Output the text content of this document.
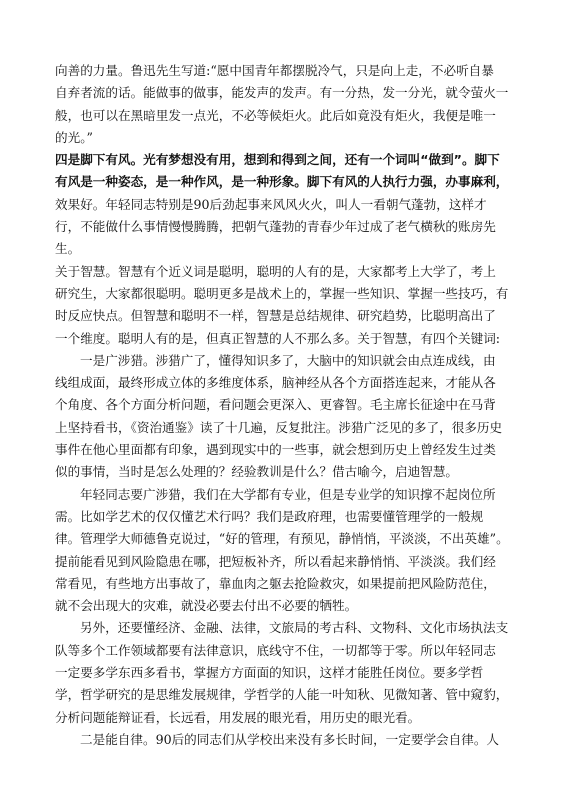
向善的力量。鲁迅先生写道:“愿中国青年都摆脱冷气，只是向上走，不必听自暴
自弃者流的话。能做事的做事，能发声的发声。有一分热，发一分光，就令萤火一
般，也可以在黑暗里发一点光，不必等候炬火。此后如竟没有炬火，我便是唯一
的光。”
四是脚下有风。光有梦想没有用，想到和得到之间，还有一个词叫“做到”。脚下
有风是一种姿态，是一种作风，是一种形象。脚下有风的人执行力强，办事麻利，
效果好。年轻同志特别是90后劲起事来风风火火，叫人一看朝气蓬勃，这样才
行，不能做什么事情慢慢腾腾，把朝气蓬勃的青春少年过成了老气横秋的账房先
生。
关于智慧。智慧有个近义词是聪明，聪明的人有的是，大家都考上大学了，考上
研究生，大家都很聪明。聪明更多是战术上的，掌握一些知识、掌握一些技巧，有
时反应快点。但智慧和聪明不一样，智慧是总结规律、研究趋势，比聪明高出了
一个维度。聪明人有的是，但真正智慧的人不那么多。关于智慧，有四个关键词:
一是广涉猎。涉猎广了，懂得知识多了，大脑中的知识就会由点连成线，由
线组成面，最终形成立体的多维度体系，脑神经从各个方面搭连起来，才能从各
个角度、各个方面分析问题，看问题会更深入、更睿智。毛主席长征途中在马背
上坚持看书，《资治通鉴》读了十几遍，反复批注。涉猎广泛见的多了，很多历史
事件在他心里面都有印象，遇到现实中的一些事，就会想到历史上曾经发生过类
似的事情，当时是怎么处理的？经验教训是什么？借古喻今，启迪智慧。
年轻同志要广涉猎，我们在大学都有专业，但是专业学的知识撑不起岗位所
需。比如学艺术的仅仅懂艺术行吗？我们是政府理，也需要懂管理学的一般规
律。管理学大师德鲁克说过，“好的管理，有预见，静悄悄，平淡淡，不出英雄”。
提前能看见到风险隐患在哪，把短板补齐，所以看起来静悄悄、平淡淡。我们经
常看见，有些地方出事故了，靠血肉之躯去抢险救灾，如果提前把风险防范住，
就不会出现大的灾难，就没必要去付出不必要的牺牲。
另外，还要懂经济、金融、法律，文旅局的考古科、文物科、文化市场执法支
队等多个工作领域都要有法律意识，底线守不住，一切都等于零。所以年轻同志
一定要多学东西多看书，掌握方方面面的知识，这样才能胜任岗位。要多学哲
学，哲学研究的是思维发展规律，学哲学的人能一叶知秋、见微知著、管中窥豹，
分析问题能辩证看，长远看，用发展的眼光看，用历史的眼光看。
二是能自律。90后的同志们从学校出来没有多长时间，一定要学会自律。人
